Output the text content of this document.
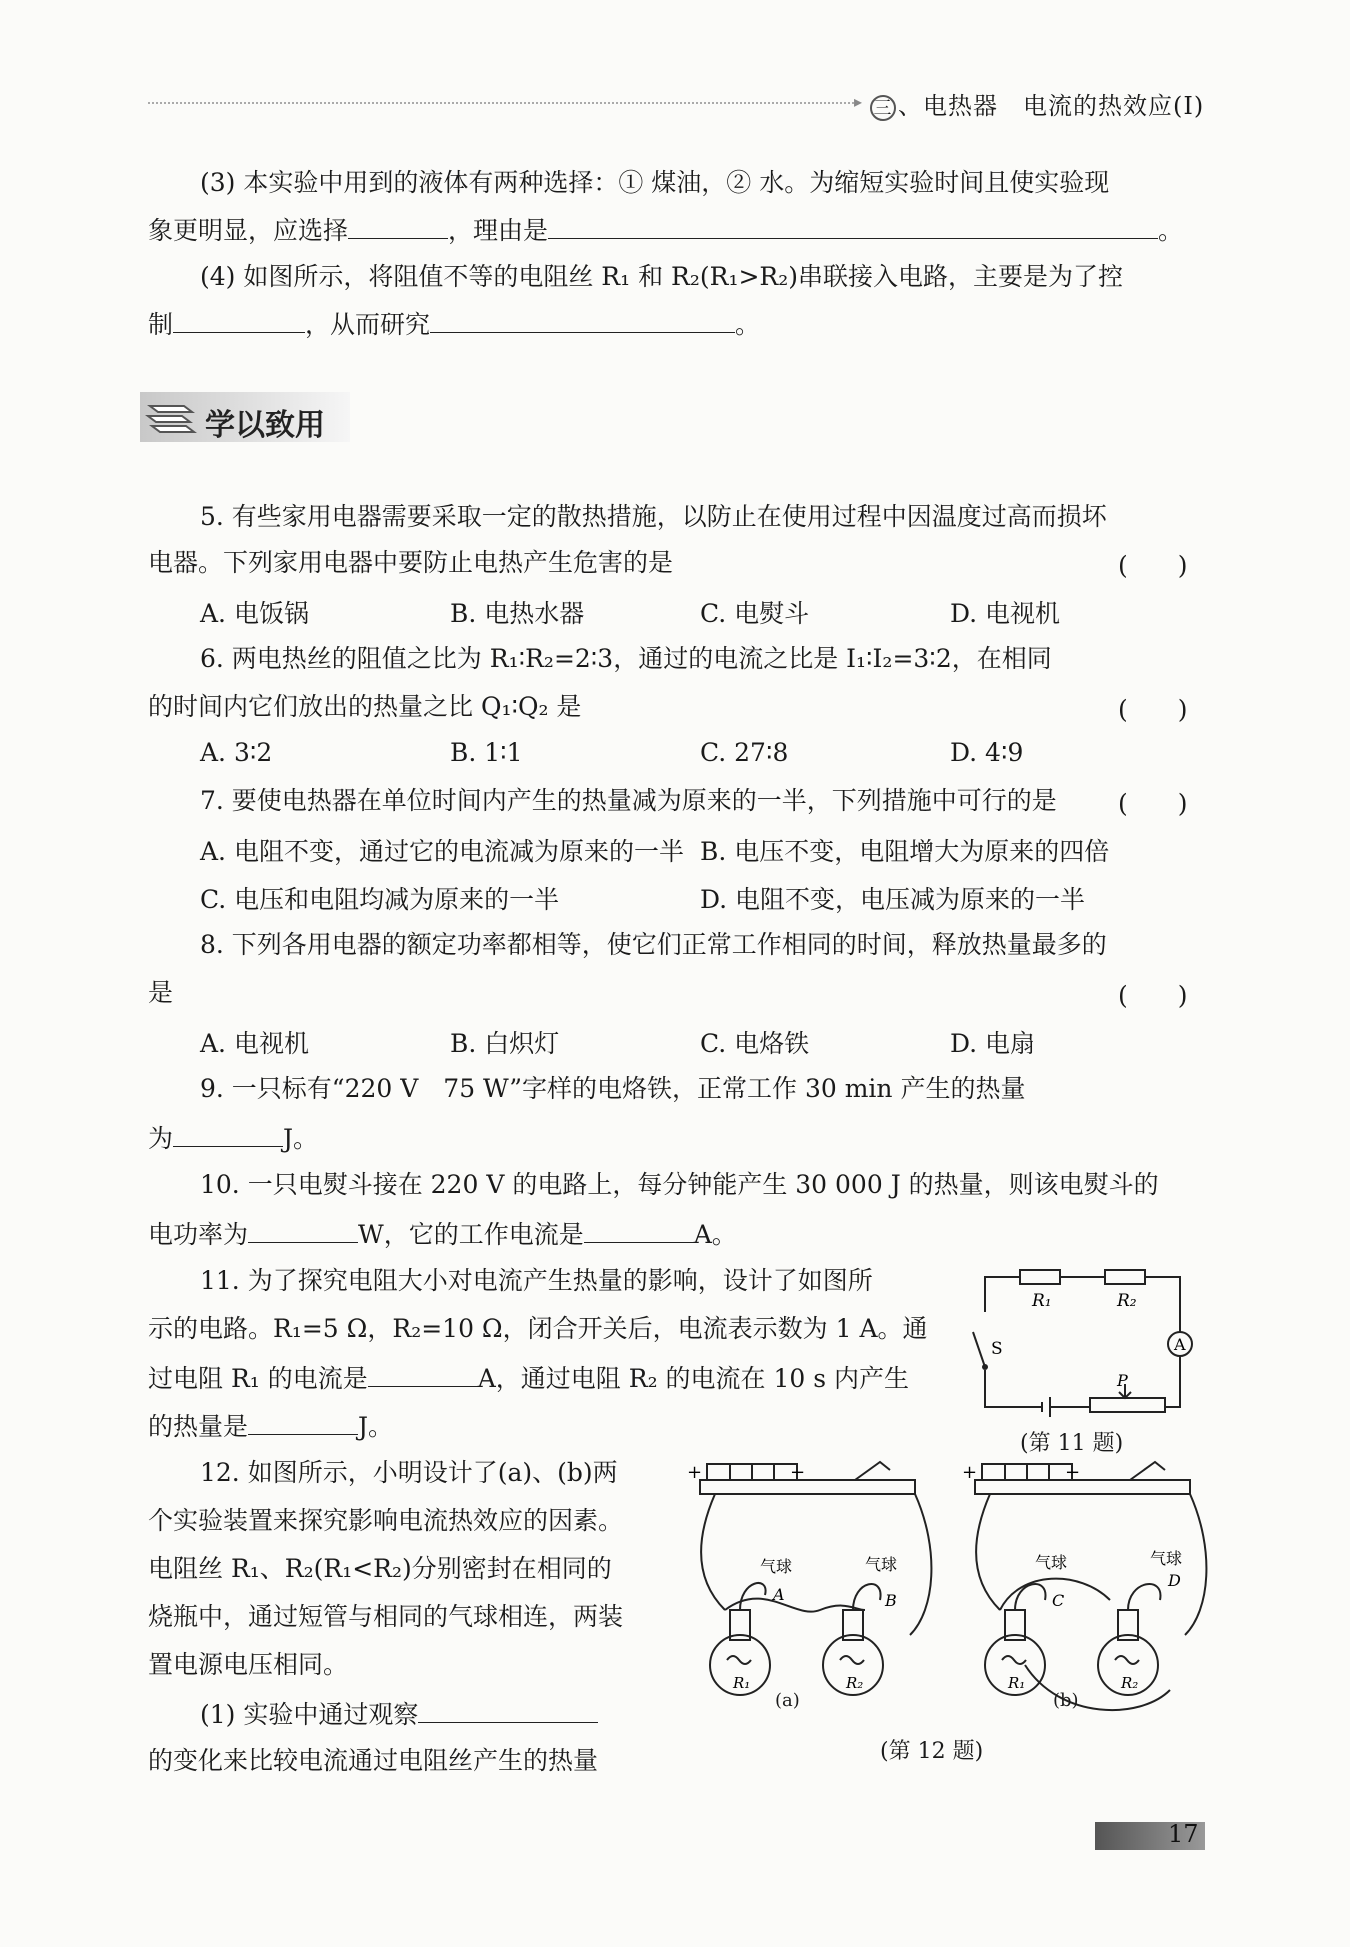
▸ 三 、电热器　电流的热效应(Ⅰ)
(3) 本实验中用到的液体有两种选择：① 煤油，② 水。为缩短实验时间且使实验现
象更明显，应选择	，理由是	。
(4) 如图所示，将阻值不等的电阻丝 R₁ 和 R₂(R₁>R₂)串联接入电路，主要是为了控
制	，从而研究	。
学以致用
5. 有些家用电器需要采取一定的散热措施，以防止在使用过程中因温度过高而损坏
电器。下列家用电器中要防止电热产生危害的是	(　　)
A. 电饭锅	B. 电热水器	C. 电熨斗	D. 电视机
6. 两电热丝的阻值之比为 R₁∶R₂=2∶3，通过的电流之比是 I₁∶I₂=3∶2，在相同
的时间内它们放出的热量之比 Q₁∶Q₂ 是	(　　)
A. 3∶2	B. 1∶1	C. 27∶8	D. 4∶9
7. 要使电热器在单位时间内产生的热量减为原来的一半，下列措施中可行的是 (　　)
A. 电阻不变，通过它的电流减为原来的一半 B. 电压不变，电阻增大为原来的四倍
C. 电压和电阻均减为原来的一半	D. 电阻不变，电压减为原来的一半
8. 下列各用电器的额定功率都相等，使它们正常工作相同的时间，释放热量最多的
是	(　　)
A. 电视机	B. 白炽灯	C. 电烙铁	D. 电扇
9. 一只标有“220 V　75 W”字样的电烙铁，正常工作 30 min 产生的热量
为	J。
10. 一只电熨斗接在 220 V 的电路上，每分钟能产生 30 000 J 的热量，则该电熨斗的
电功率为	W，它的工作电流是	A。
11. 为了探究电阻大小对电流产生热量的影响，设计了如图所
示的电路。R₁=5 Ω，R₂=10 Ω，闭合开关后，电流表示数为 1 A。通
过电阻 R₁ 的电流是	A，通过电阻 R₂ 的电流在 10 s 内产生
的热量是	J。
R₁	R₂
A
S
P
(第 11 题)
12. 如图所示，小明设计了(a)、(b)两
个实验装置来探究影响电流热效应的因素。
电阻丝 R₁、R₂(R₁<R₂)分别密封在相同的
烧瓶中，通过短管与相同的气球相连，两装
置电源电压相同。
(1) 实验中通过观察
的变化来比较电流通过电阻丝产生的热量
+	−
气球	气球
A	B
R₁	R₂
(a)
+	−
气球	气球
C
D
R₁	R₂
(b)
(第 12 题)
17
